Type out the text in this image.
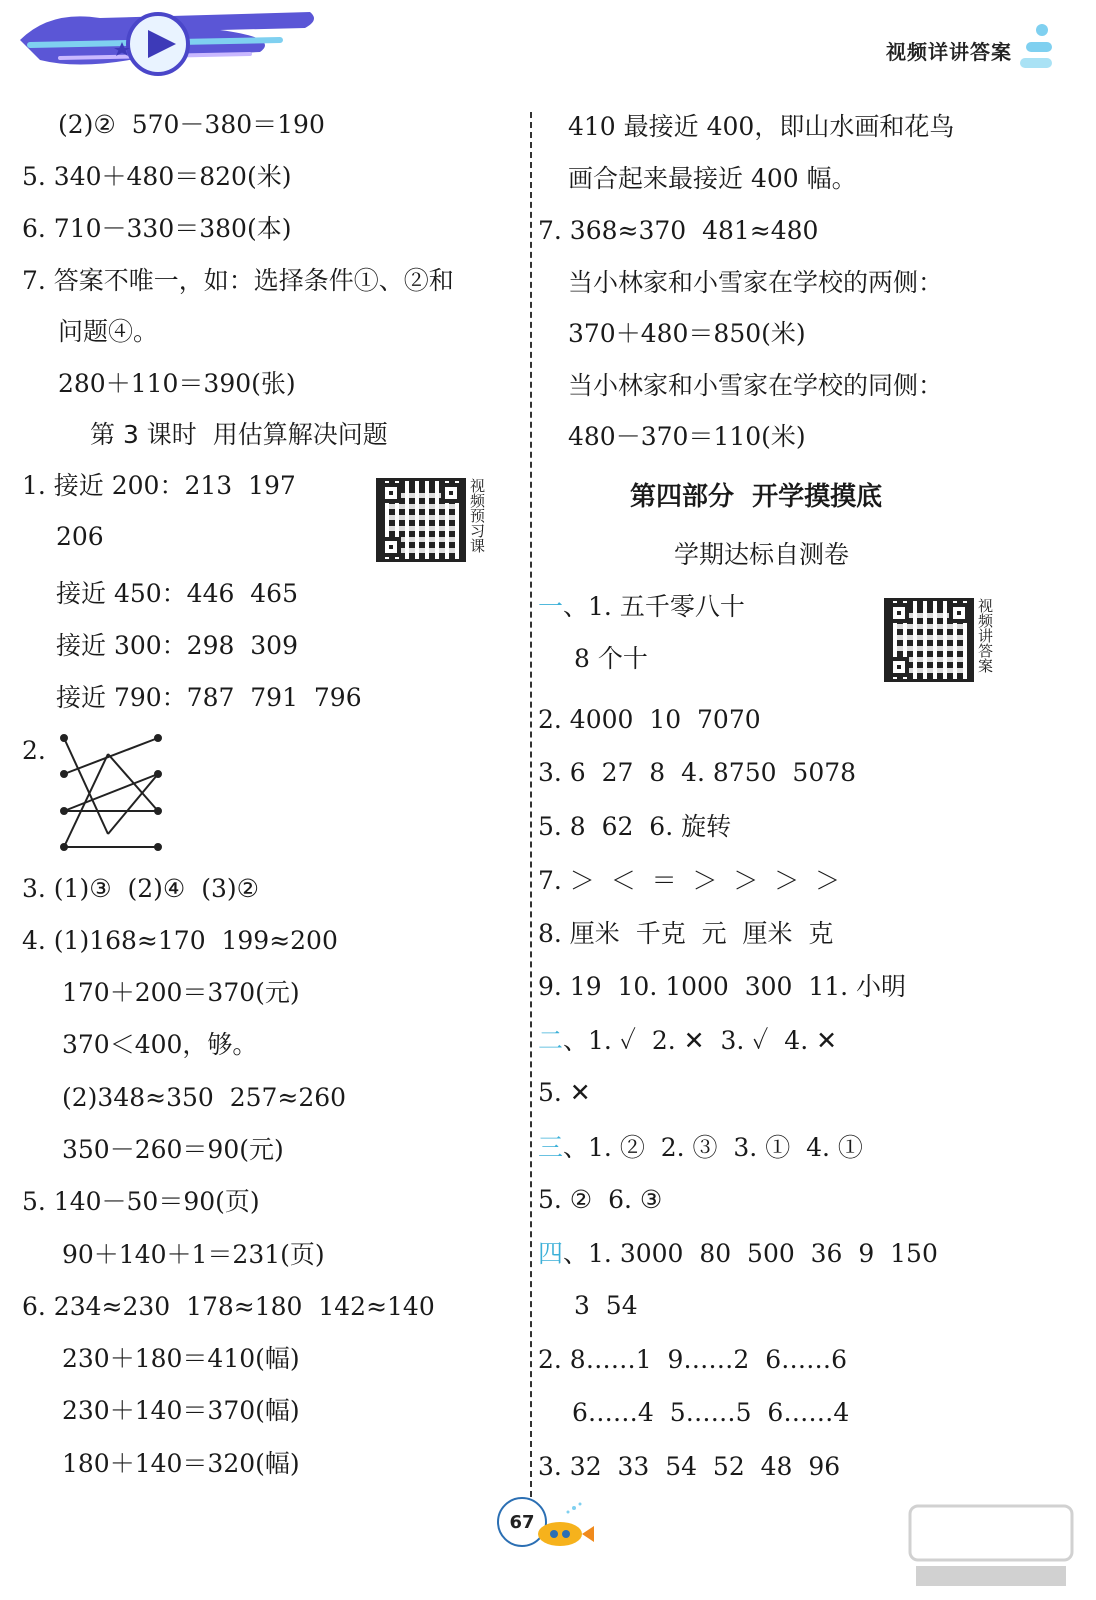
视频详讲答案
(2)②  570－380＝190
5. 340＋480＝820(米)
6. 710－330＝380(本)
7. 答案不唯一，如：选择条件①、②和
问题④。
280＋110＝390(张)
第 3 课时  用估算解决问题
1. 接近 200：213  197
206
接近 450：446  465
接近 300：298  309
接近 790：787  791  796
2.
3. (1)③  (2)④  (3)②
4. (1)168≈170  199≈200
170＋200＝370(元)
370＜400，够。
(2)348≈350  257≈260
350－260＝90(元)
5. 140－50＝90(页)
90＋140＋1＝231(页)
6. 234≈230  178≈180  142≈140
230＋180＝410(幅)
230＋140＝370(幅)
180＋140＝320(幅)
视频预习课
410 最接近 400，即山水画和花鸟
画合起来最接近 400 幅。
7. 368≈370  481≈480
当小林家和小雪家在学校的两侧：
370＋480＝850(米)
当小林家和小雪家在学校的同侧：
480－370＝110(米)
第四部分  开学摸摸底
学期达标自测卷
一、1. 五千零八十
8 个十
2. 4000  10  7070
3. 6  27  8  4. 8750  5078
5. 8  62  6. 旋转
7. ＞  ＜  ＝  ＞  ＞  ＞  ＞
8. 厘米  千克  元  厘米  克
9. 19  10. 1000  300  11. 小明
二、1. ✓  2. ✕  3. ✓  4. ✕
5. ✕
三、1. ②  2. ③  3. ①  4. ①
5. ②  6. ③
四、1. 3000  80  500  36  9  150
3  54
2. 8……1  9……2  6……6
6……4  5……5  6……4
3. 32  33  54  52  48  96
视频讲答案
67
